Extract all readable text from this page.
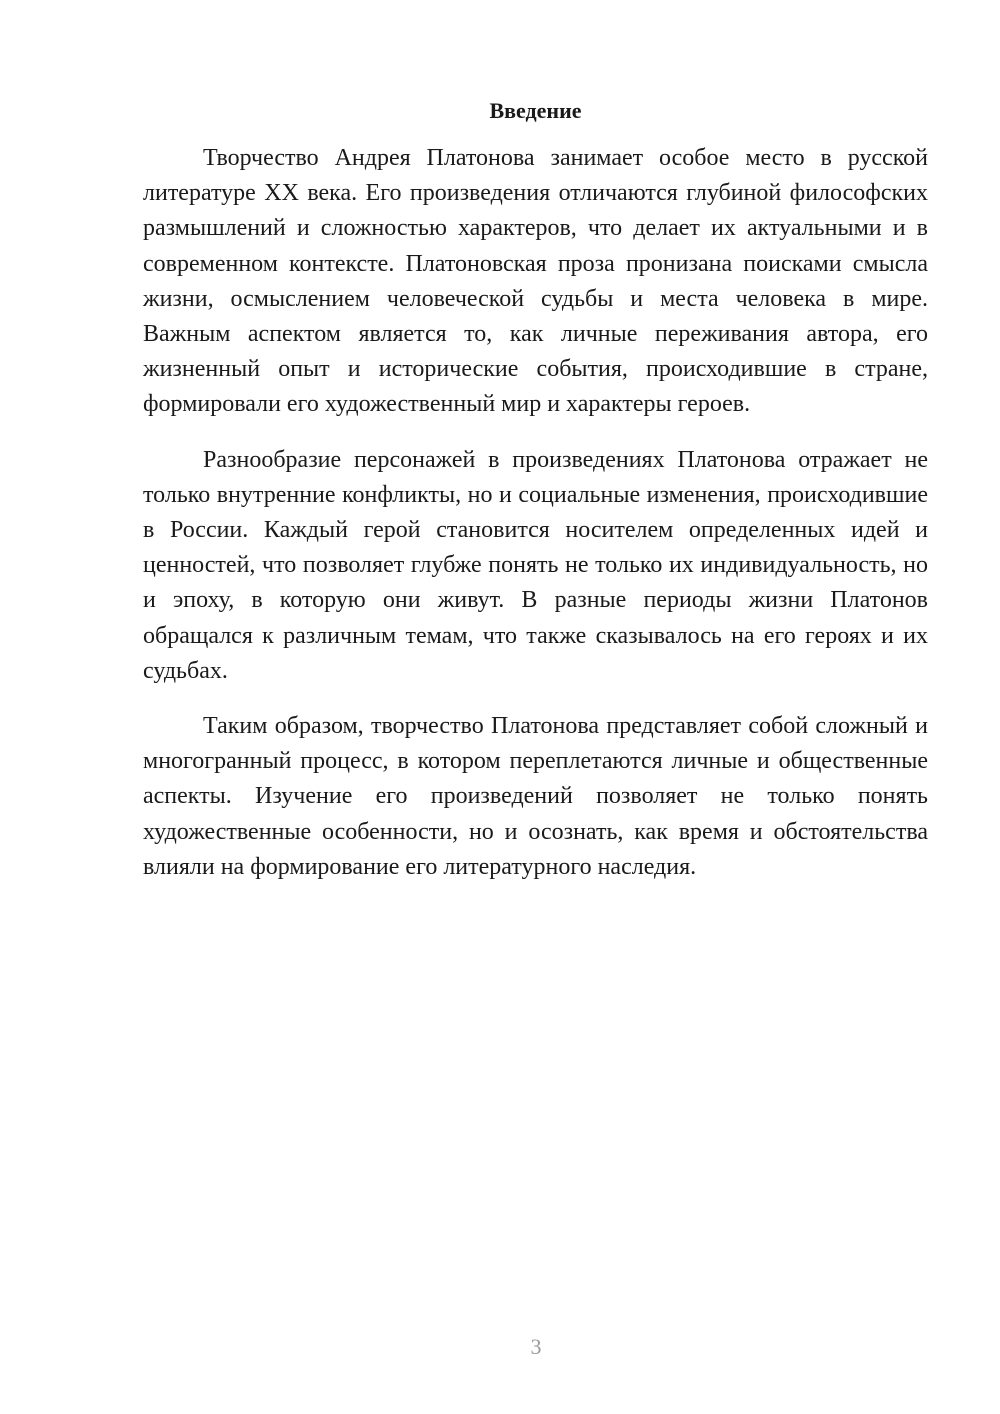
Введение

Творчество Андрея Платонова занимает особое место в русской литературе XX века. Его произведения отличаются глубиной философских размышлений и сложностью характеров, что делает их актуальными и в современном контексте. Платоновская проза пронизана поисками смысла жизни, осмыслением человеческой судьбы и места человека в мире. Важным аспектом является то, как личные переживания автора, его жизненный опыт и исторические события, происходившие в стране, формировали его художественный мир и характеры героев.

Разнообразие персонажей в произведениях Платонова отражает не только внутренние конфликты, но и социальные изменения, происходившие в России. Каждый герой становится носителем определенных идей и ценностей, что позволяет глубже понять не только их индивидуальность, но и эпоху, в которую они живут. В разные периоды жизни Платонов обращался к различным темам, что также сказывалось на его героях и их судьбах.

Таким образом, творчество Платонова представляет собой сложный и многогранный процесс, в котором переплетаются личные и общественные аспекты. Изучение его произведений позволяет не только понять художественные особенности, но и осознать, как время и обстоятельства влияли на формирование его литературного наследия.

3
